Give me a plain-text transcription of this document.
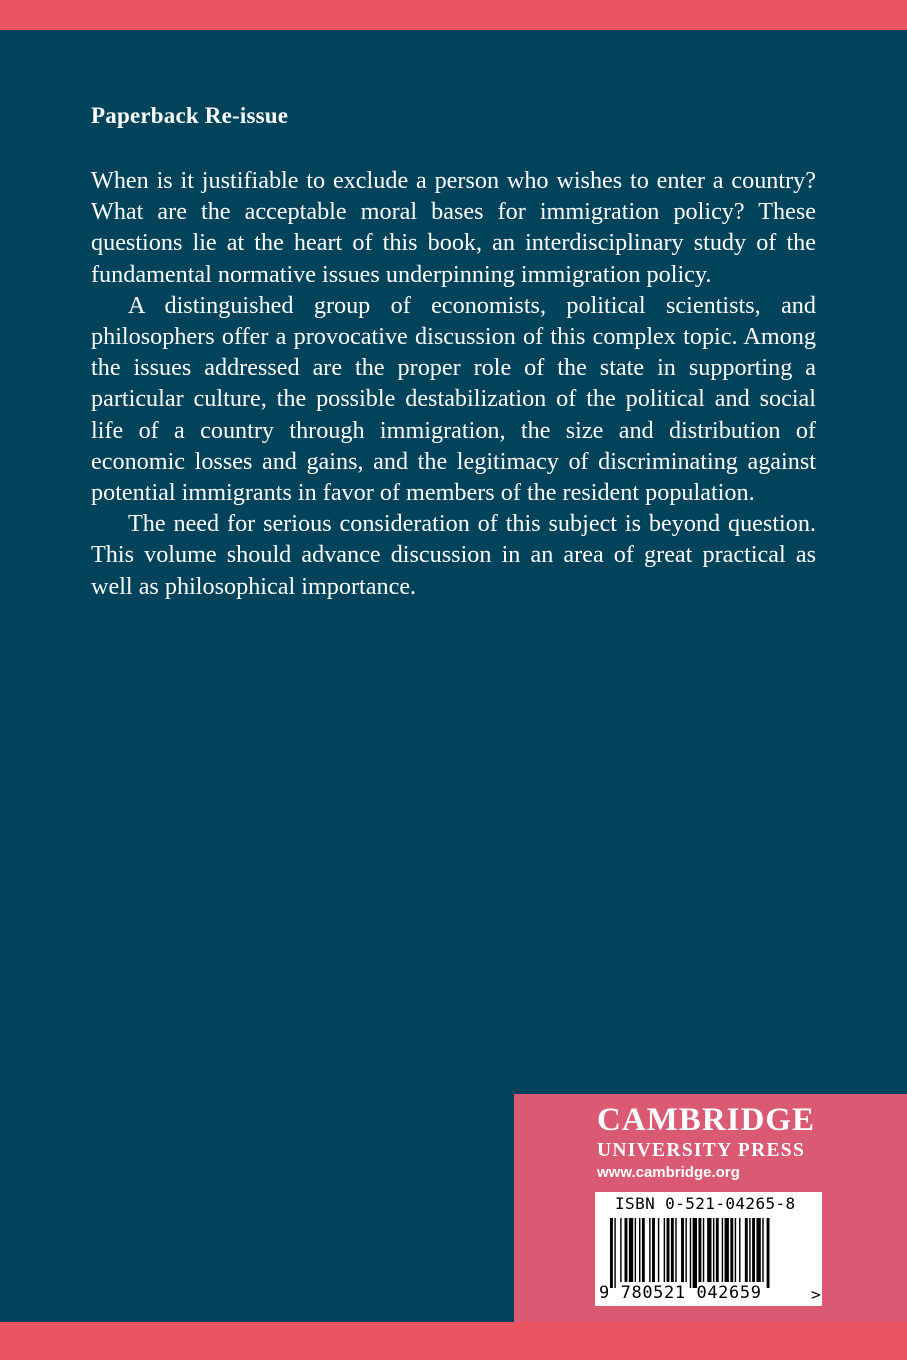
Paperback Re-issue

When is it justifiable to exclude a person who wishes to enter a country? What are the acceptable moral bases for immigration policy? These questions lie at the heart of this book, an interdisciplinary study of the fundamental normative issues underpinning immigration policy.

A distinguished group of economists, political scientists, and philosophers offer a provocative discussion of this complex topic. Among the issues addressed are the proper role of the state in supporting a particular culture, the possible destabilization of the political and social life of a country through immigration, the size and distribution of economic losses and gains, and the legitimacy of discriminating against potential immigrants in favor of members of the resident population.

The need for serious consideration of this subject is beyond question. This volume should advance discussion in an area of great practical as well as philosophical importance.

CAMBRIDGE
UNIVERSITY PRESS
www.cambridge.org
ISBN 0-521-04265-8
9 780521 042659	>
